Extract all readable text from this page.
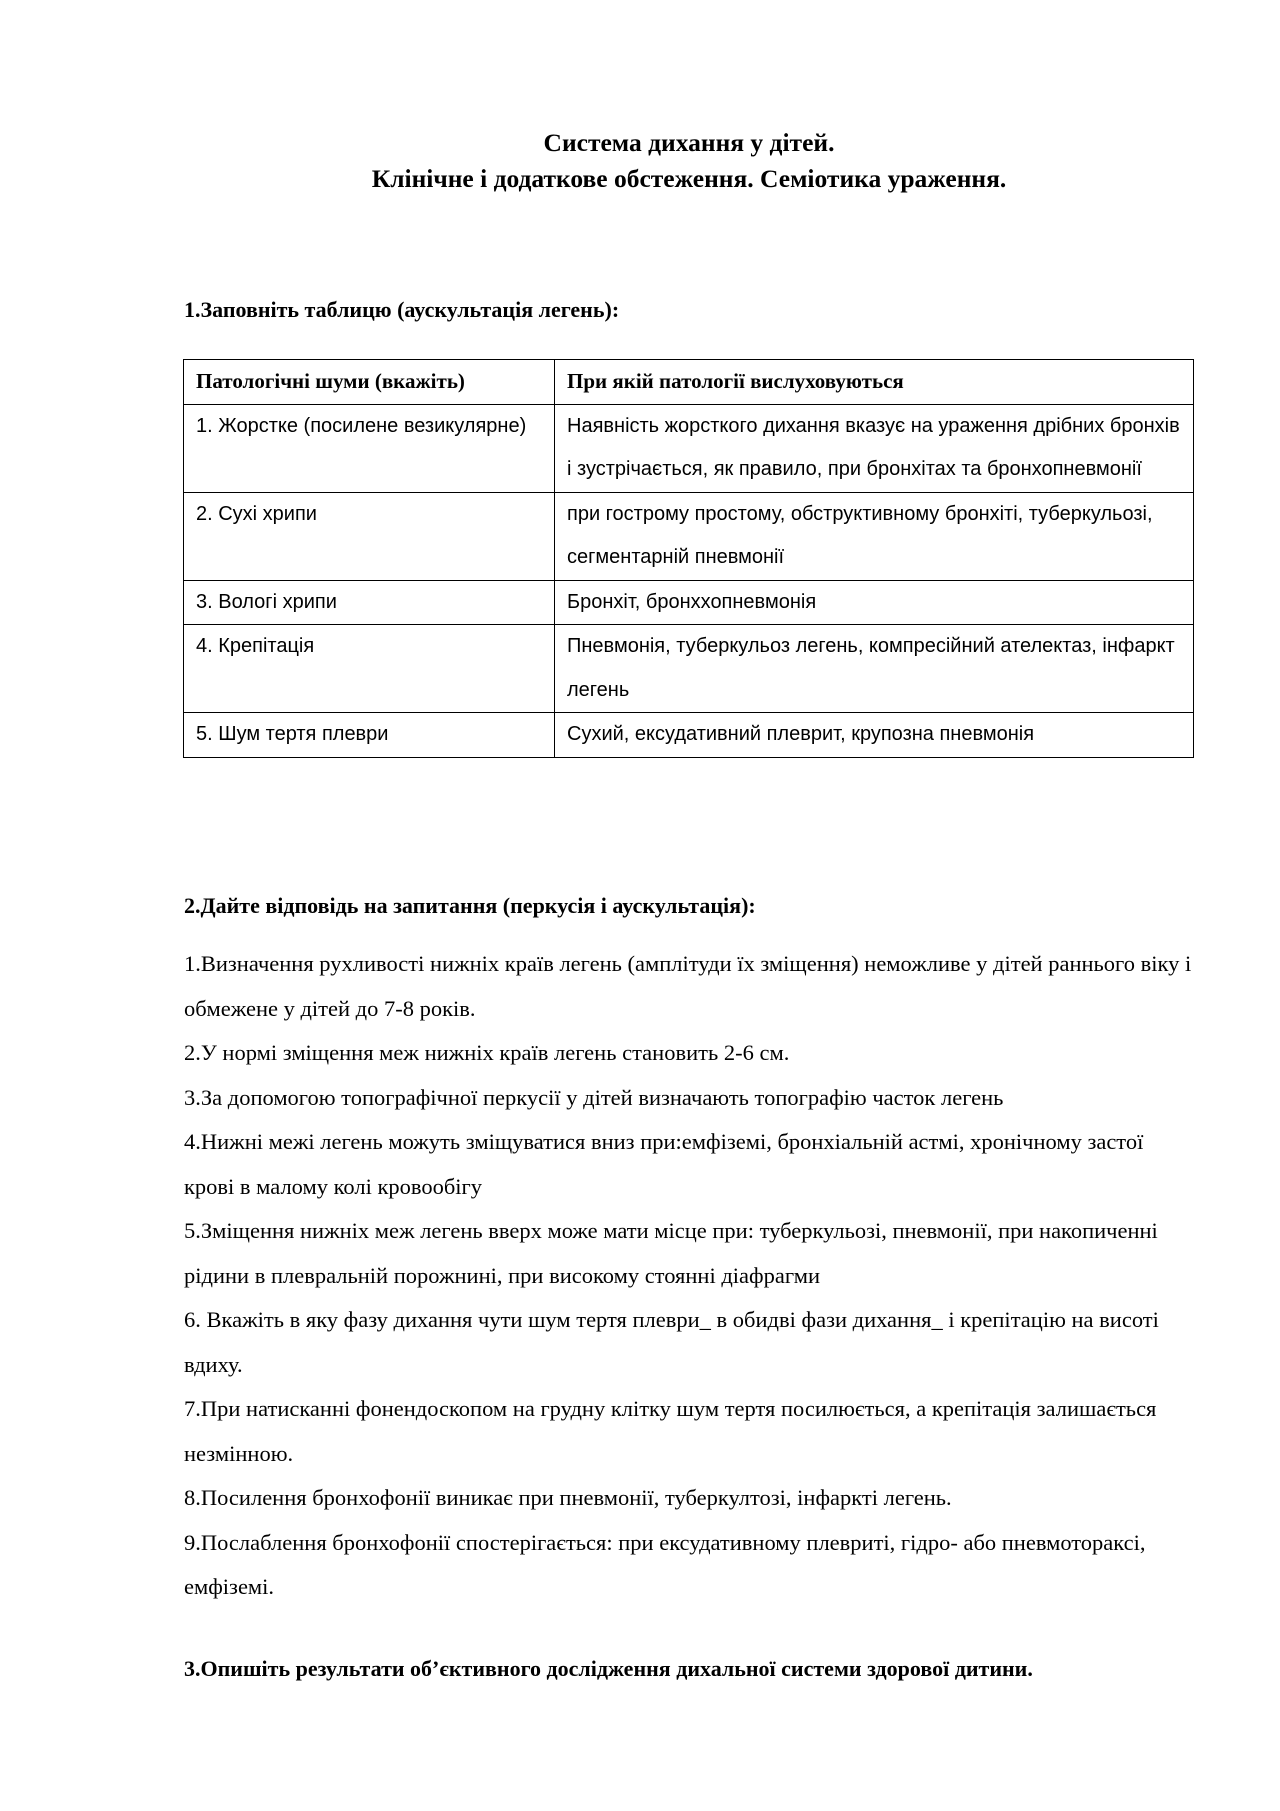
Система дихання у дітей.
Клінічне і додаткове обстеження. Семіотика ураження.
1.Заповніть таблицю (аускультація легень):
Патологічні шуми (вкажіть)	При якій патології вислуховуються
1. Жорстке (посилене везикулярне)	Наявність жорсткого дихання вказує на ураження дрібних бронхів і зустрічається, як правило, при бронхітах та бронхопневмонії
2. Сухі хрипи	при гострому простому, обструктивному бронхіті, туберкульозі, сегментарній пневмонії
3. Вологі хрипи	Бронхіт, бронххопневмонія
4. Крепітація	Пневмонія, туберкульоз легень, компресійний ателектаз, інфаркт легень
5. Шум тертя плеври	Сухий, ексудативний плеврит, крупозна пневмонія
2.Дайте відповідь на запитання (перкусія і аускультація):
1.Визначення рухливості нижніх країв легень (амплітуди їх зміщення) неможливе у дітей раннього віку і обмежене у дітей до 7-8 років.
2.У нормі зміщення меж нижніх країв легень становить 2-6 см.
3.За допомогою топографічної перкусії у дітей визначають топографію часток легень
4.Нижні межі легень можуть зміщуватися вниз при:емфіземі, бронхіальній астмі, хронічному застої крові в малому колі кровообігу
5.Зміщення нижніх меж легень вверх може мати місце при: туберкульозі, пневмонії, при накопиченні рідини в плевральній порожнині, при високому стоянні діафрагми
6. Вкажіть в яку фазу дихання чути шум тертя плеври_ в обидві фази дихання_ і крепітацію на висоті вдиху.
7.При натисканні фонендоскопом на грудну клітку шум тертя посилюється, а крепітація залишається незмінною.
8.Посилення бронхофонії виникає при пневмонії, туберкултозі, інфаркті легень.
9.Послаблення бронхофонії спостерігається: при ексудативному плевриті, гідро- або пневмотораксі, емфіземі.
3.Опишіть результати об’єктивного дослідження дихальної системи здорової дитини.
